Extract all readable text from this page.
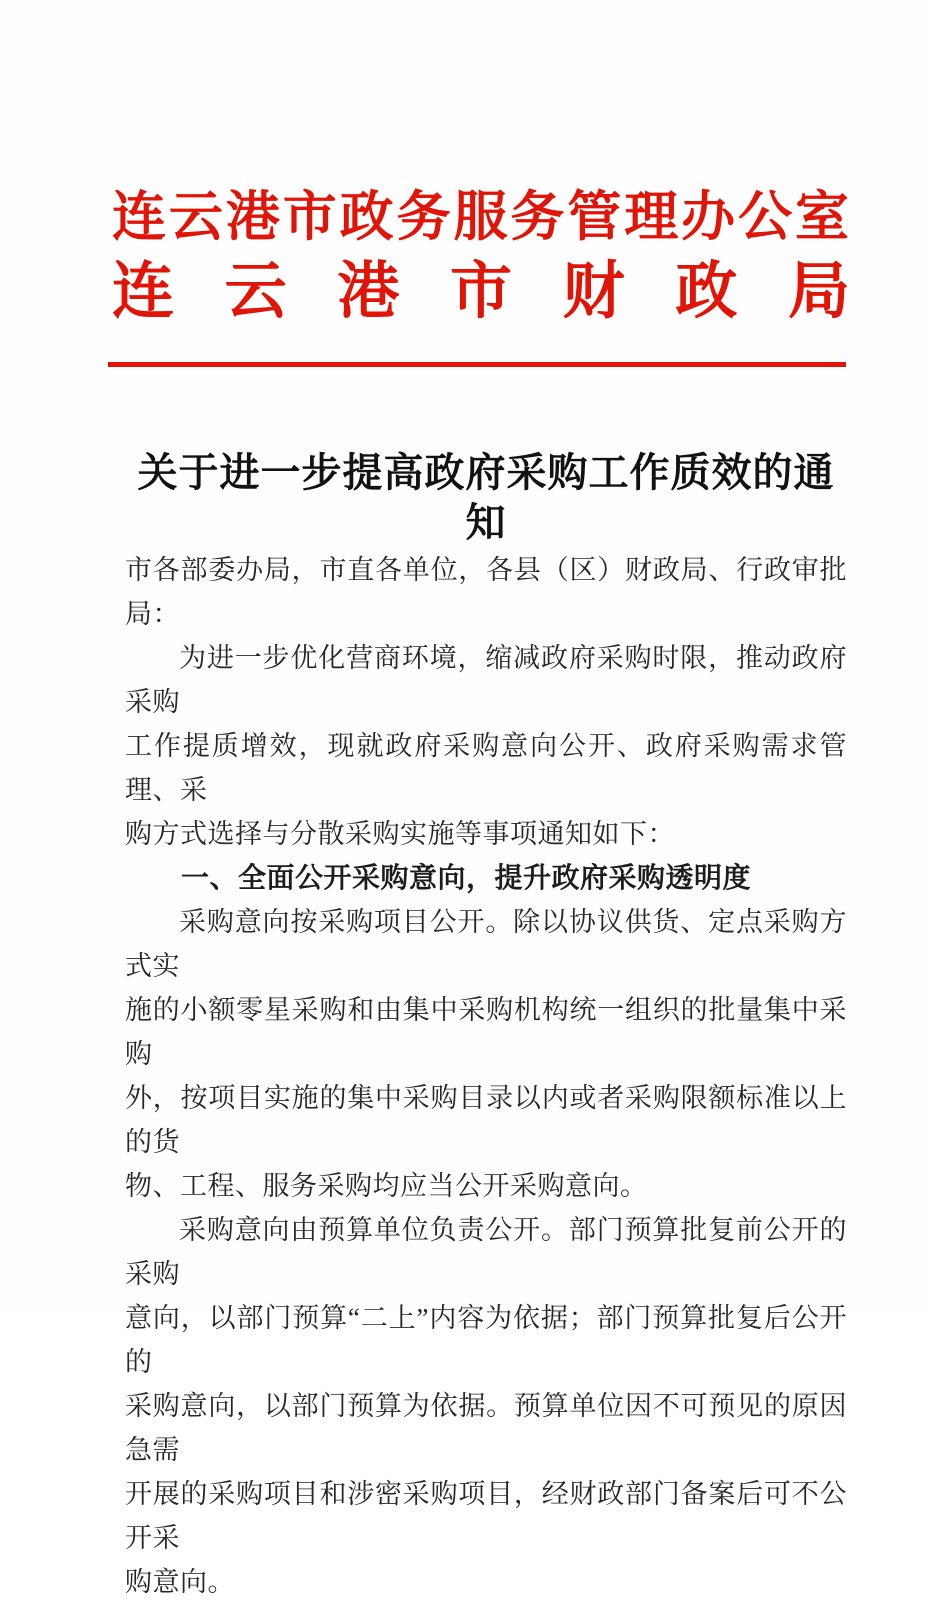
连云港市政务服务管理办公室
连云港市财政局
关于进一步提高政府采购工作质效的通知

市各部委办局，市直各单位，各县（区）财政局、行政审批局：

为进一步优化营商环境，缩减政府采购时限，推动政府采购

工作提质增效，现就政府采购意向公开、政府采购需求管理、采

购方式选择与分散采购实施等事项通知如下：

一、全面公开采购意向，提升政府采购透明度

采购意向按采购项目公开。除以协议供货、定点采购方式实

施的小额零星采购和由集中采购机构统一组织的批量集中采购

外，按项目实施的集中采购目录以内或者采购限额标准以上的货

物、工程、服务采购均应当公开采购意向。

采购意向由预算单位负责公开。部门预算批复前公开的采购

意向，以部门预算“二上”内容为依据；部门预算批复后公开的

采购意向，以部门预算为依据。预算单位因不可预见的原因急需

开展的采购项目和涉密采购项目，经财政部门备案后可不公开采

购意向。
